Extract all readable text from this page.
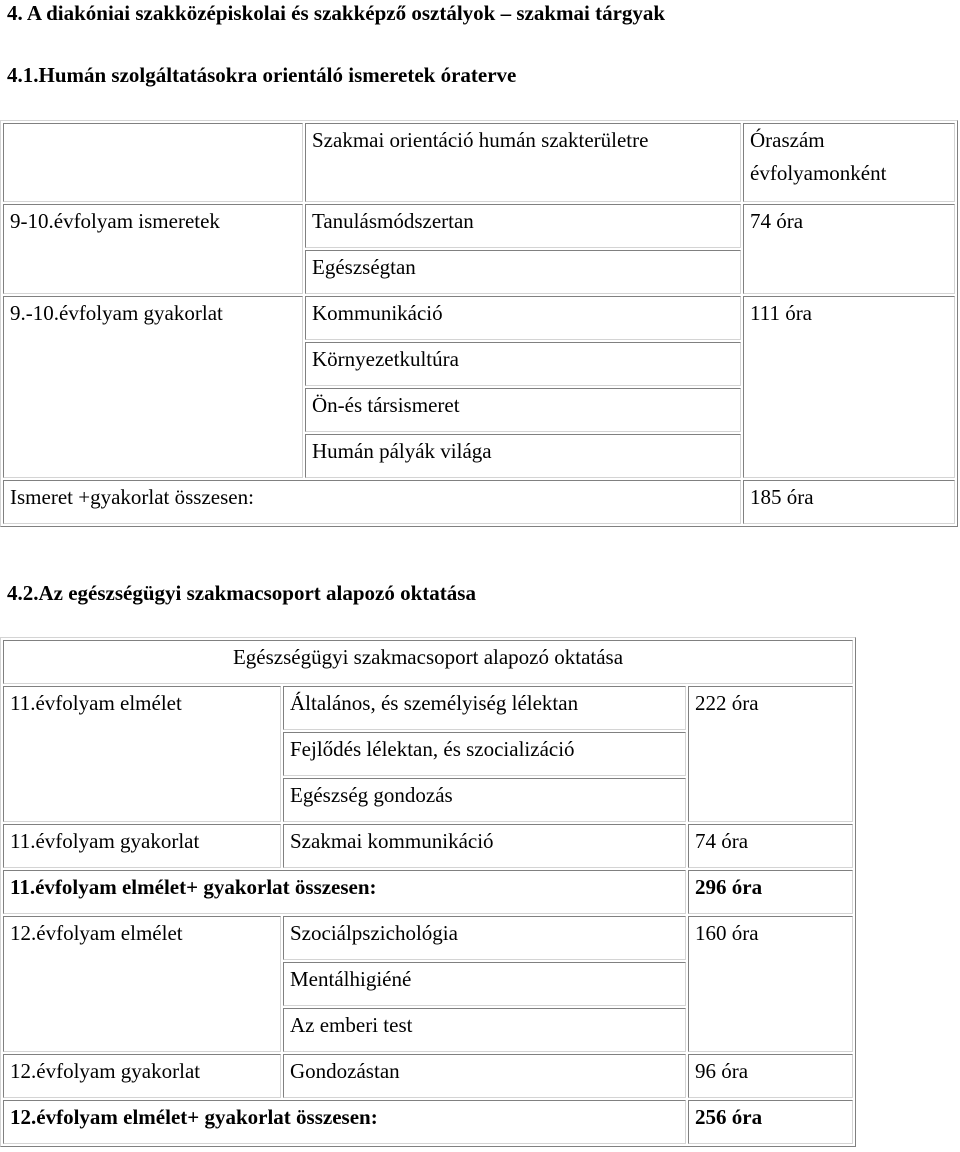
4. A diakóniai szakközépiskolai és szakképző osztályok – szakmai tárgyak
4.1.Humán szolgáltatásokra orientáló ismeretek óraterve
	Szakmai orientáció humán szakterületre	Óraszám évfolyamonként
9-10.évfolyam ismeretek	Tanulásmódszertan	74 óra
	Egészségtan	
9.-10.évfolyam gyakorlat	Kommunikáció	111 óra
	Környezetkultúra	
	Ön-és társismeret	
	Humán pályák világa	
Ismeret +gyakorlat összesen:		185 óra
4.2.Az egészségügyi szakmacsoport alapozó oktatása
Egészségügyi szakmacsoport alapozó oktatása		
11.évfolyam elmélet	Általános, és személyiség lélektan	222 óra
	Fejlődés lélektan, és szocializáció	
	Egészség gondozás	
11.évfolyam gyakorlat	Szakmai kommunikáció	74 óra
11.évfolyam elmélet+ gyakorlat összesen:		296 óra
12.évfolyam elmélet	Szociálpszichológia	160 óra
	Mentálhigiéné	
	Az emberi test	
12.évfolyam gyakorlat	Gondozástan	96 óra
12.évfolyam elmélet+ gyakorlat összesen:		256 óra
